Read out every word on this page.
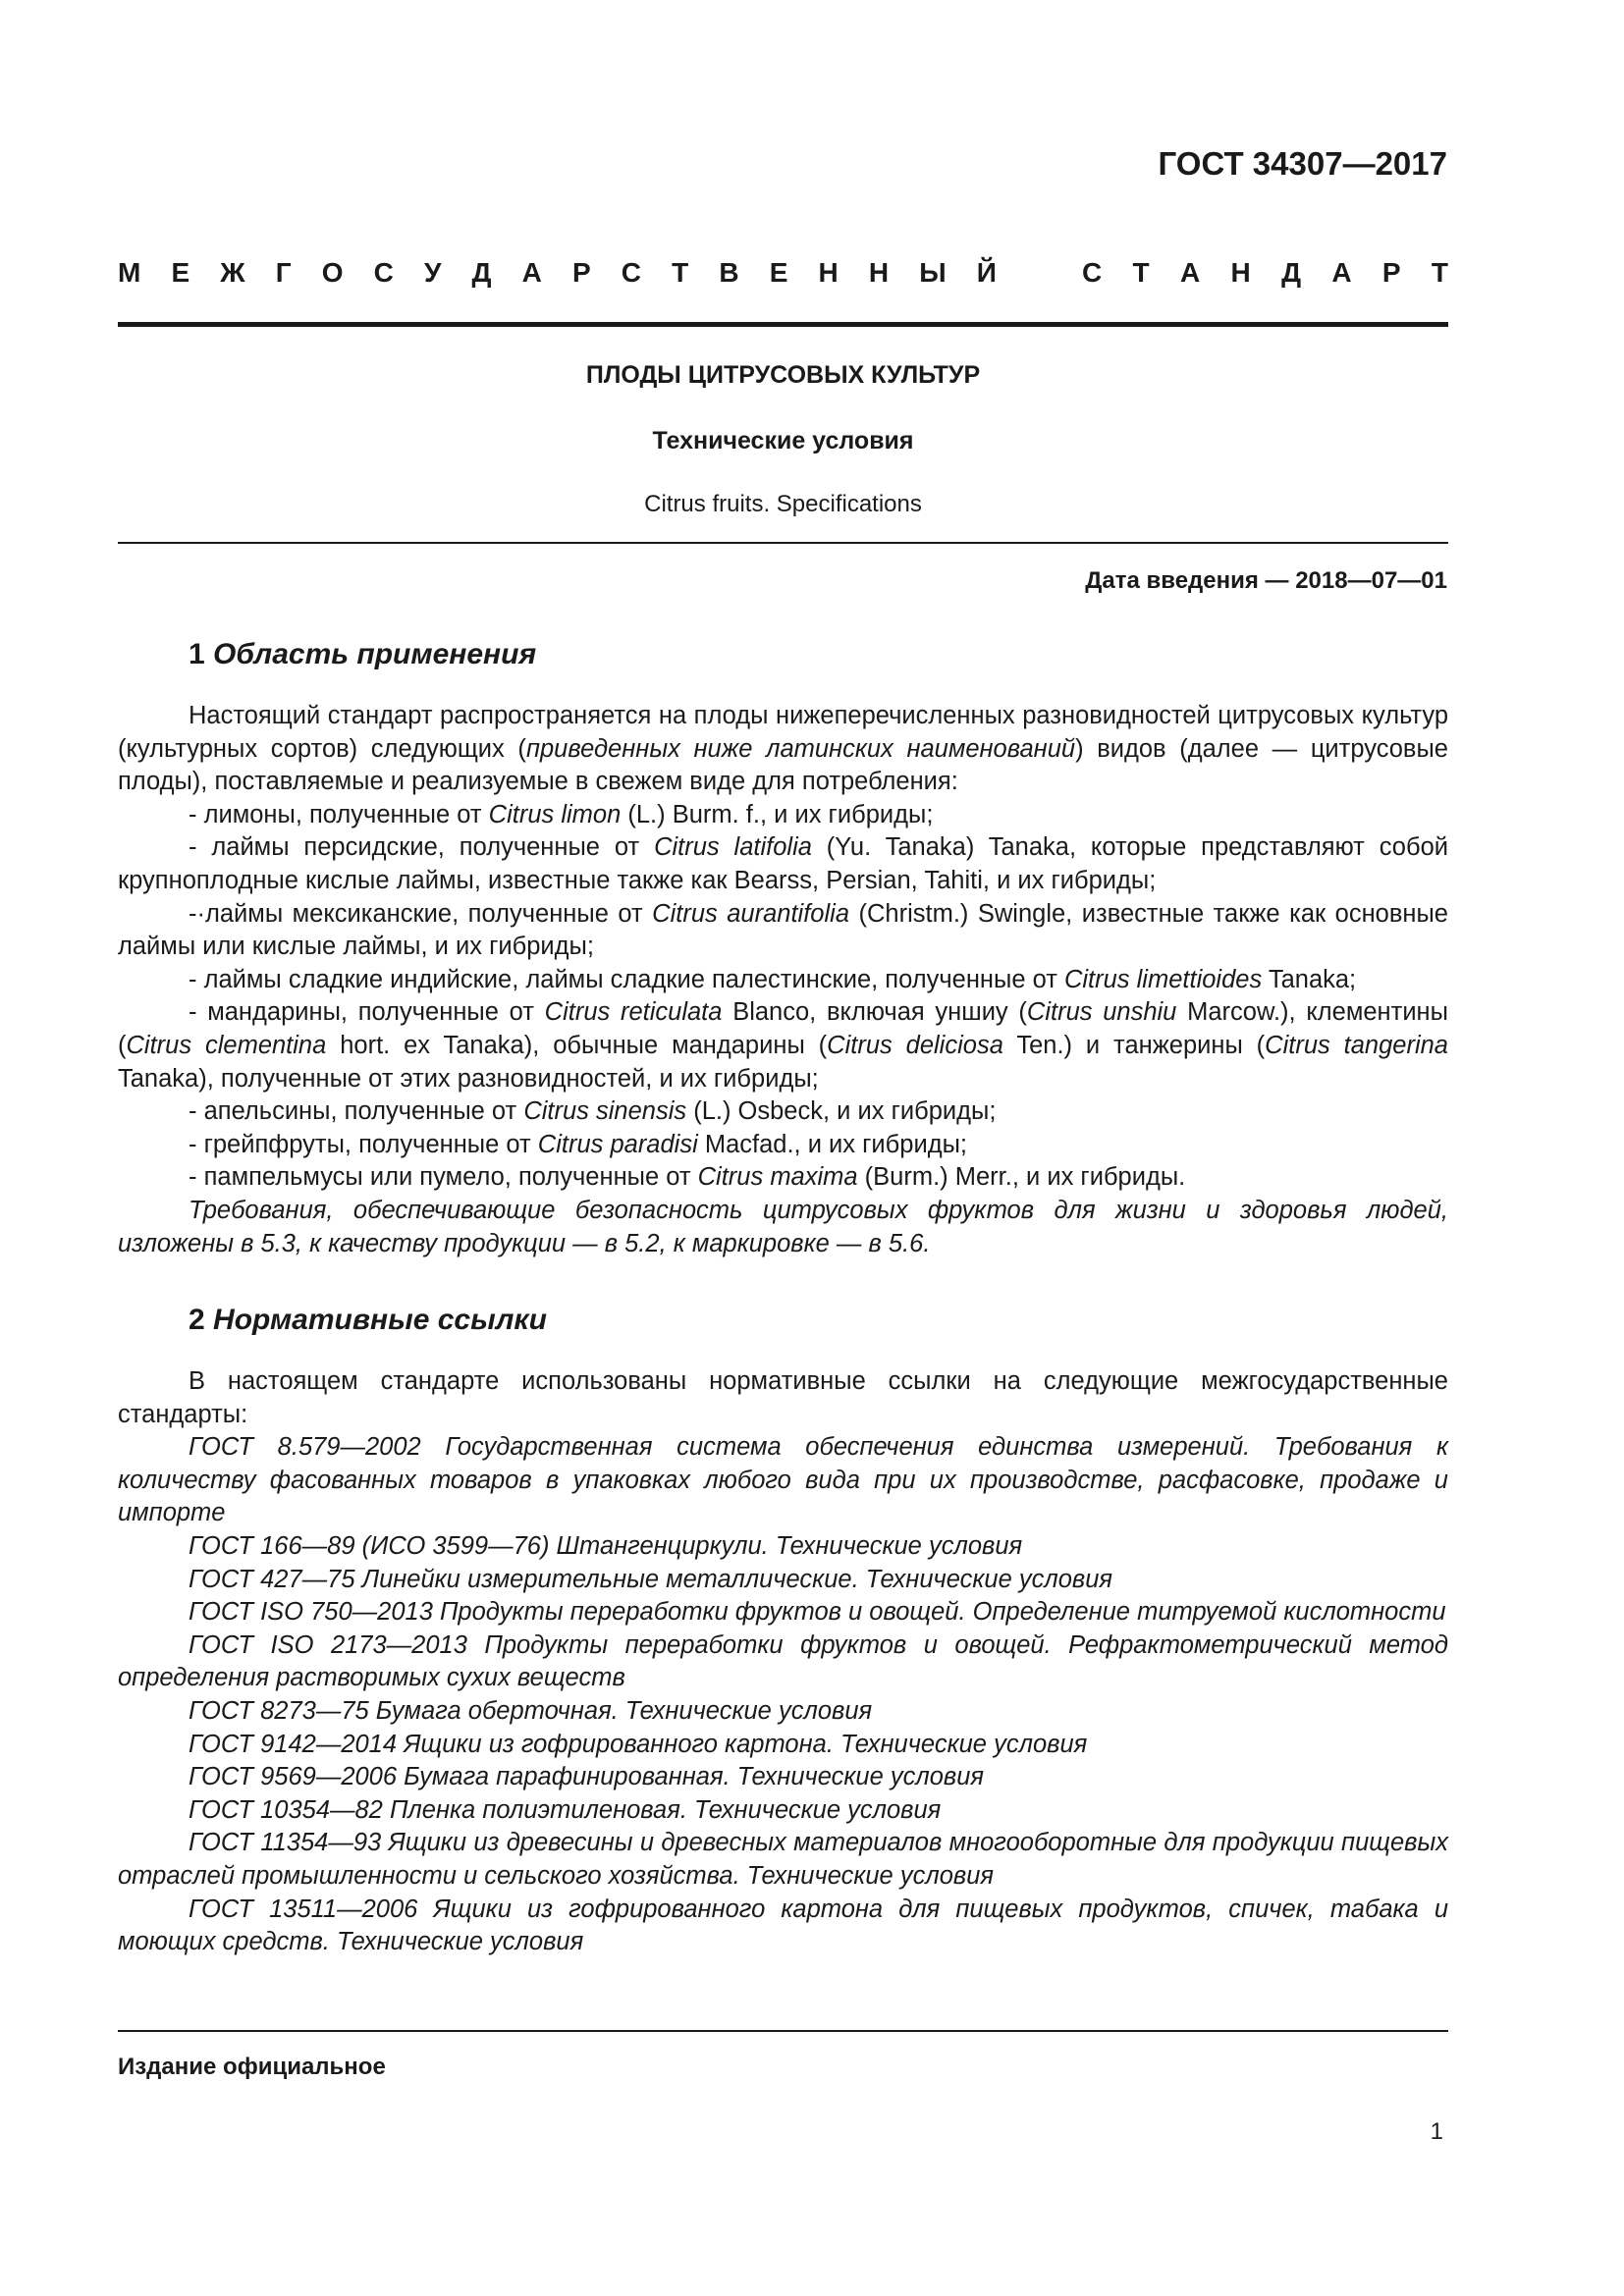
ГОСТ 34307—2017
М Е Ж Г О С У Д А Р С Т В Е Н Н Ы Й	С Т А Н Д А Р Т
ПЛОДЫ ЦИТРУСОВЫХ КУЛЬТУР
Технические условия
Citrus fruits. Specifications
Дата введения — 2018—07—01
1 Область применения

Настоящий стандарт распространяется на плоды нижеперечисленных разновидностей цитрусовых культур (культурных сортов) следующих (приведенных ниже латинских наименований) видов (далее — цитрусовые плоды), поставляемые и реализуемые в свежем виде для потребления:

- лимоны, полученные от Citrus limon (L.) Burm. f., и их гибриды;

- лаймы персидские, полученные от Citrus latifolia (Yu. Tanaka) Tanaka, которые представляют собой крупноплодные кислые лаймы, известные также как Bearss, Persian, Tahiti, и их гибриды;

-·лаймы мексиканские, полученные от Citrus aurantifolia (Christm.) Swingle, известные также как основные лаймы или кислые лаймы, и их гибриды;

- лаймы сладкие индийские, лаймы сладкие палестинские, полученные от Citrus limettioides Tanaka;

- мандарины, полученные от Citrus reticulata Blanco, включая уншиу (Citrus unshiu Marcow.), клементины (Citrus clementina hort. ex Tanaka), обычные мандарины (Citrus deliciosa Ten.) и танжерины (Citrus tangerina Tanaka), полученные от этих разновидностей, и их гибриды;

- апельсины, полученные от Citrus sinensis (L.) Osbeck, и их гибриды;

- грейпфруты, полученные от Citrus paradisi Macfad., и их гибриды;

- пампельмусы или пумело, полученные от Citrus maxima (Burm.) Merr., и их гибриды.

Требования, обеспечивающие безопасность цитрусовых фруктов для жизни и здоровья людей, изложены в 5.3, к качеству продукции — в 5.2, к маркировке — в 5.6.

2 Нормативные ссылки

В настоящем стандарте использованы нормативные ссылки на следующие межгосударственные стандарты:

ГОСТ 8.579—2002 Государственная система обеспечения единства измерений. Требования к количеству фасованных товаров в упаковках любого вида при их производстве, расфасовке, продаже и импорте

ГОСТ 166—89 (ИСО 3599—76) Штангенциркули. Технические условия

ГОСТ 427—75 Линейки измерительные металлические. Технические условия

ГОСТ ISO 750—2013 Продукты переработки фруктов и овощей. Определение титруемой кислотности

ГОСТ ISO 2173—2013 Продукты переработки фруктов и овощей. Рефрактометрический метод определения растворимых сухих веществ

ГОСТ 8273—75 Бумага оберточная. Технические условия

ГОСТ 9142—2014 Ящики из гофрированного картона. Технические условия

ГОСТ 9569—2006 Бумага парафинированная. Технические условия

ГОСТ 10354—82 Пленка полиэтиленовая. Технические условия

ГОСТ 11354—93 Ящики из древесины и древесных материалов многооборотные для продукции пищевых отраслей промышленности и сельского хозяйства. Технические условия

ГОСТ 13511—2006 Ящики из гофрированного картона для пищевых продуктов, спичек, табака и моющих средств. Технические условия

Издание официальное
1
